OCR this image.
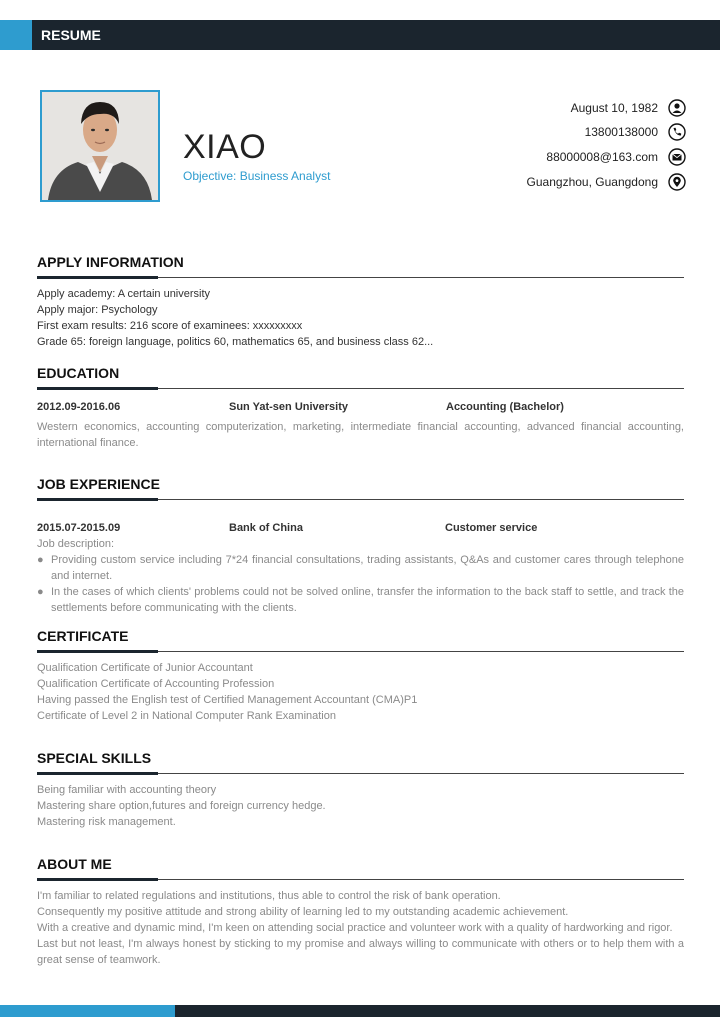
RESUME
XIAO
Objective: Business Analyst
August 10, 1982
13800138000
88000008@163.com
Guangzhou, Guangdong
APPLY INFORMATION
Apply academy: A certain university
Apply major: Psychology
First exam results: 216 score of examinees: xxxxxxxxx
Grade 65: foreign language, politics 60, mathematics 65, and business class 62...
EDUCATION
2012.09-2016.06	Sun Yat-sen University	Accounting (Bachelor)
Western economics, accounting computerization, marketing, intermediate financial accounting, advanced financial accounting, international finance.
JOB EXPERIENCE
2015.07-2015.09	Bank of China	Customer service
Job description:
● Providing custom service including 7*24 financial consultations, trading assistants, Q&As and customer cares through telephone and internet.
● In the cases of which clients' problems could not be solved online, transfer the information to the back staff to settle, and track the settlements before communicating with the clients.
CERTIFICATE
Qualification Certificate of Junior Accountant
Qualification Certificate of Accounting Profession
Having passed the English test of Certified Management Accountant (CMA)P1
Certificate of Level 2 in National Computer Rank Examination
SPECIAL SKILLS
Being familiar with accounting theory
Mastering share option,futures and foreign currency hedge.
Mastering risk management.
ABOUT ME
I'm familiar to related regulations and institutions, thus able to control the risk of bank operation.
Consequently my positive attitude and strong ability of learning led to my outstanding academic achievement.
With a creative and dynamic mind, I'm keen on attending social practice and volunteer work with a quality of hardworking and rigor.
Last but not least, I'm always honest by sticking to my promise and always willing to communicate with others or to help them with a great sense of teamwork.
